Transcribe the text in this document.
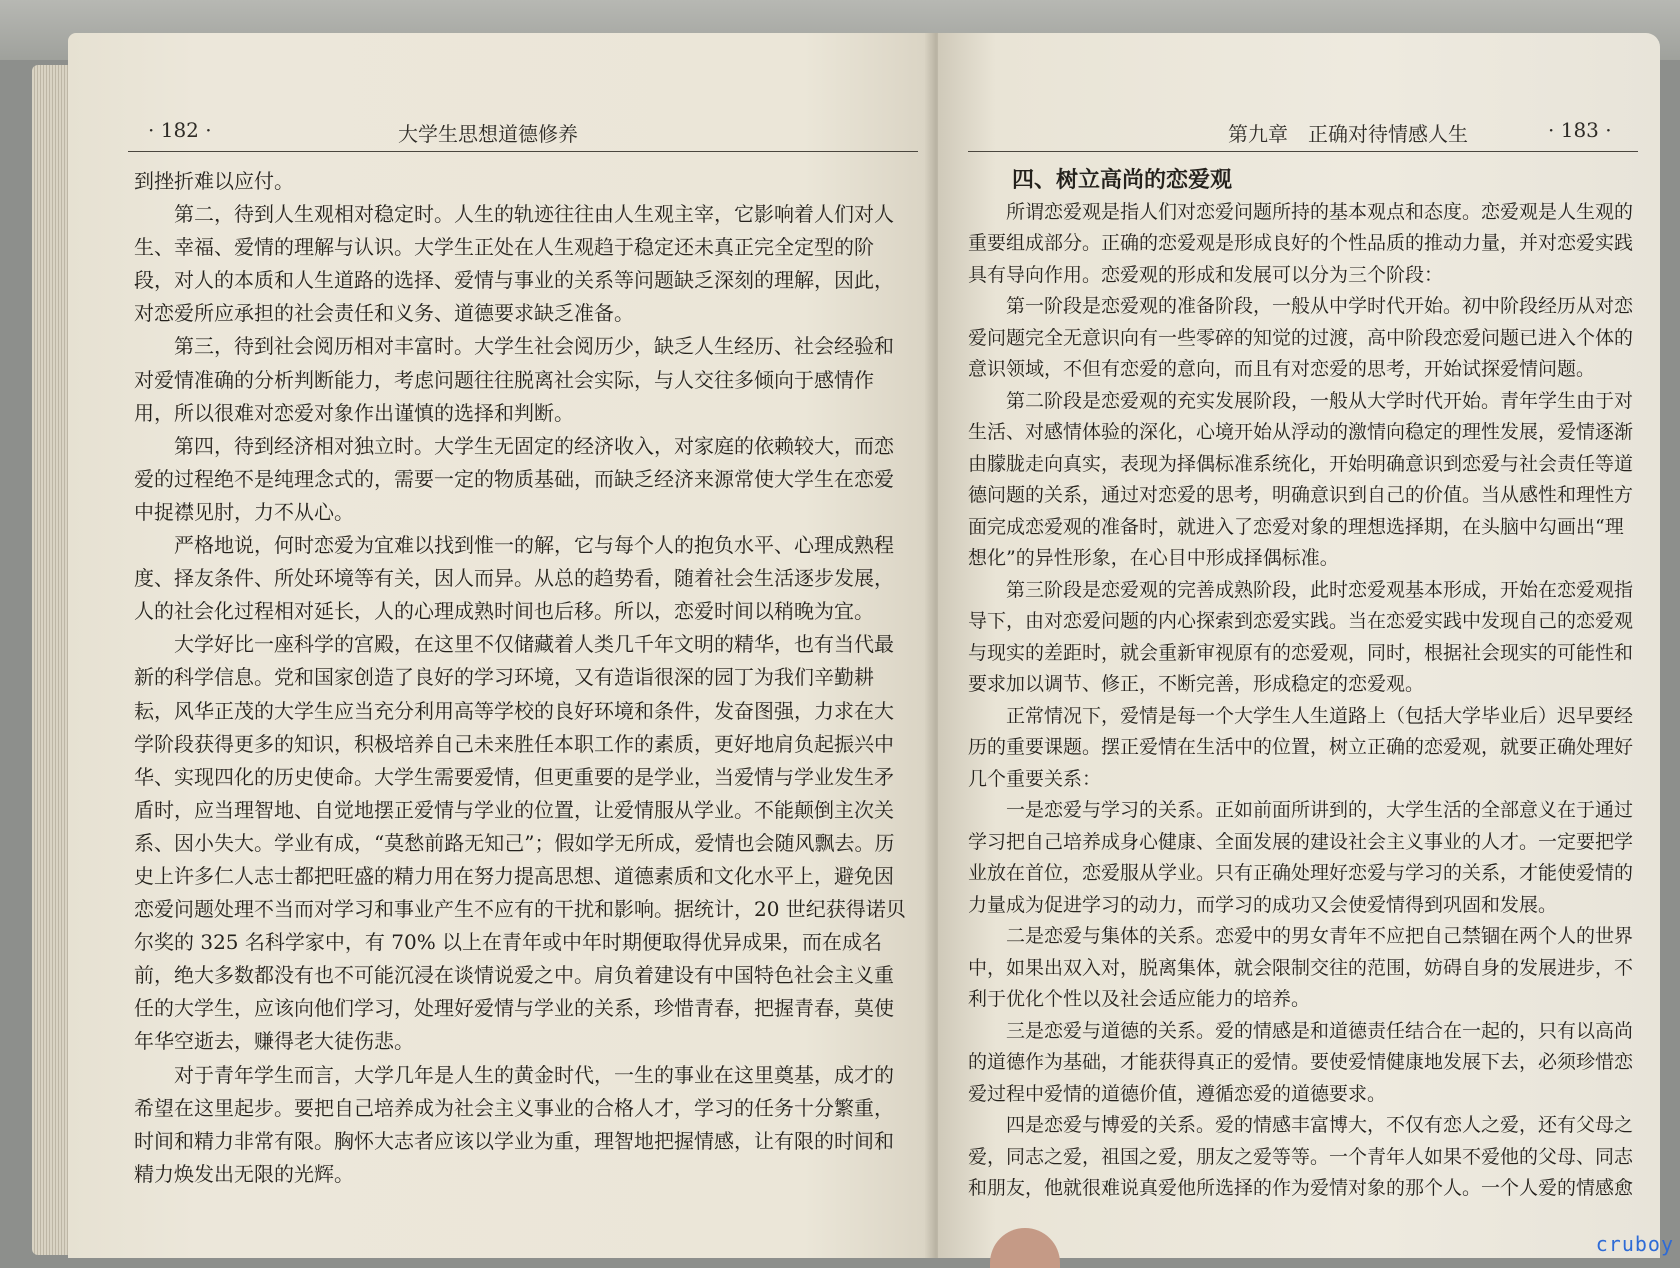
· 182 ·	大学生思想道德修养

到挫折难以应付。

第二，待到人生观相对稳定时。人生的轨迹往往由人生观主宰，它影响着人们对人生、幸福、爱情的理解与认识。大学生正处在人生观趋于稳定还未真正完全定型的阶段，对人的本质和人生道路的选择、爱情与事业的关系等问题缺乏深刻的理解，因此，对恋爱所应承担的社会责任和义务、道德要求缺乏准备。

第三，待到社会阅历相对丰富时。大学生社会阅历少，缺乏人生经历、社会经验和对爱情准确的分析判断能力，考虑问题往往脱离社会实际，与人交往多倾向于感情作用，所以很难对恋爱对象作出谨慎的选择和判断。

第四，待到经济相对独立时。大学生无固定的经济收入，对家庭的依赖较大，而恋爱的过程绝不是纯理念式的，需要一定的物质基础，而缺乏经济来源常使大学生在恋爱中捉襟见肘，力不从心。

严格地说，何时恋爱为宜难以找到惟一的解，它与每个人的抱负水平、心理成熟程度、择友条件、所处环境等有关，因人而异。从总的趋势看，随着社会生活逐步发展，人的社会化过程相对延长，人的心理成熟时间也后移。所以，恋爱时间以稍晚为宜。

大学好比一座科学的宫殿，在这里不仅储藏着人类几千年文明的精华，也有当代最新的科学信息。党和国家创造了良好的学习环境，又有造诣很深的园丁为我们辛勤耕耘，风华正茂的大学生应当充分利用高等学校的良好环境和条件，发奋图强，力求在大学阶段获得更多的知识，积极培养自己未来胜任本职工作的素质，更好地肩负起振兴中华、实现四化的历史使命。大学生需要爱情，但更重要的是学业，当爱情与学业发生矛盾时，应当理智地、自觉地摆正爱情与学业的位置，让爱情服从学业。不能颠倒主次关系、因小失大。学业有成，“莫愁前路无知己”；假如学无所成，爱情也会随风飘去。历史上许多仁人志士都把旺盛的精力用在努力提高思想、道德素质和文化水平上，避免因恋爱问题处理不当而对学习和事业产生不应有的干扰和影响。据统计，20 世纪获得诺贝尔奖的 325 名科学家中，有 70% 以上在青年或中年时期便取得优异成果，而在成名前，绝大多数都没有也不可能沉浸在谈情说爱之中。肩负着建设有中国特色社会主义重任的大学生，应该向他们学习，处理好爱情与学业的关系，珍惜青春，把握青春，莫使年华空逝去，赚得老大徒伤悲。

对于青年学生而言，大学几年是人生的黄金时代，一生的事业在这里奠基，成才的希望在这里起步。要把自己培养成为社会主义事业的合格人才，学习的任务十分繁重，时间和精力非常有限。胸怀大志者应该以学业为重，理智地把握情感，让有限的时间和精力焕发出无限的光辉。

第九章　正确对待情感人生	· 183 ·

四、树立高尚的恋爱观

所谓恋爱观是指人们对恋爱问题所持的基本观点和态度。恋爱观是人生观的重要组成部分。正确的恋爱观是形成良好的个性品质的推动力量，并对恋爱实践具有导向作用。恋爱观的形成和发展可以分为三个阶段：

第一阶段是恋爱观的准备阶段，一般从中学时代开始。初中阶段经历从对恋爱问题完全无意识向有一些零碎的知觉的过渡，高中阶段恋爱问题已进入个体的意识领域，不但有恋爱的意向，而且有对恋爱的思考，开始试探爱情问题。

第二阶段是恋爱观的充实发展阶段，一般从大学时代开始。青年学生由于对生活、对感情体验的深化，心境开始从浮动的激情向稳定的理性发展，爱情逐渐由朦胧走向真实，表现为择偶标准系统化，开始明确意识到恋爱与社会责任等道德问题的关系，通过对恋爱的思考，明确意识到自己的价值。当从感性和理性方面完成恋爱观的准备时，就进入了恋爱对象的理想选择期，在头脑中勾画出“理想化”的异性形象，在心目中形成择偶标准。

第三阶段是恋爱观的完善成熟阶段，此时恋爱观基本形成，开始在恋爱观指导下，由对恋爱问题的内心探索到恋爱实践。当在恋爱实践中发现自己的恋爱观与现实的差距时，就会重新审视原有的恋爱观，同时，根据社会现实的可能性和要求加以调节、修正，不断完善，形成稳定的恋爱观。

正常情况下，爱情是每一个大学生人生道路上（包括大学毕业后）迟早要经历的重要课题。摆正爱情在生活中的位置，树立正确的恋爱观，就要正确处理好几个重要关系：

一是恋爱与学习的关系。正如前面所讲到的，大学生活的全部意义在于通过学习把自己培养成身心健康、全面发展的建设社会主义事业的人才。一定要把学业放在首位，恋爱服从学业。只有正确处理好恋爱与学习的关系，才能使爱情的力量成为促进学习的动力，而学习的成功又会使爱情得到巩固和发展。

二是恋爱与集体的关系。恋爱中的男女青年不应把自己禁锢在两个人的世界中，如果出双入对，脱离集体，就会限制交往的范围，妨碍自身的发展进步，不利于优化个性以及社会适应能力的培养。

三是恋爱与道德的关系。爱的情感是和道德责任结合在一起的，只有以高尚的道德作为基础，才能获得真正的爱情。要使爱情健康地发展下去，必须珍惜恋爱过程中爱情的道德价值，遵循恋爱的道德要求。

四是恋爱与博爱的关系。爱的情感丰富博大，不仅有恋人之爱，还有父母之爱，同志之爱，祖国之爱，朋友之爱等等。一个青年人如果不爱他的父母、同志和朋友，他就很难说真爱他所选择的作为爱情对象的那个人。一个人爱的情感愈

cruboy
